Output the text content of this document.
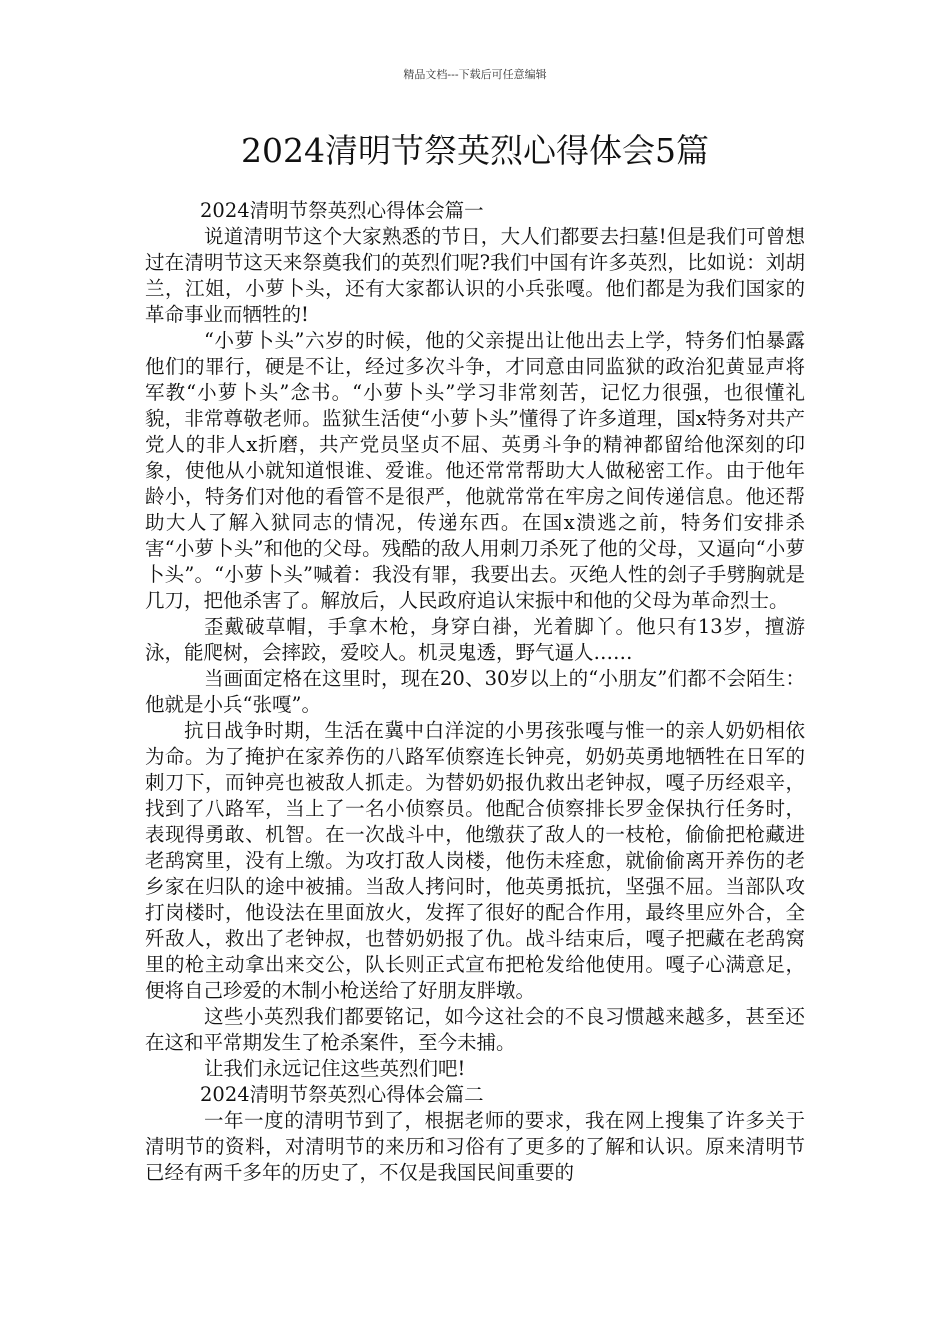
精品文档---下载后可任意编辑
2024清明节祭英烈心得体会5篇
2024清明节祭英烈心得体会篇一

说道清明节这个大家熟悉的节日，大人们都要去扫墓!但是我们可曾想过在清明节这天来祭奠我们的英烈们呢?我们中国有许多英烈，比如说：刘胡兰，江姐，小萝卜头，还有大家都认识的小兵张嘎。他们都是为我们国家的革命事业而牺牲的!

“小萝卜头”六岁的时候，他的父亲提出让他出去上学，特务们怕暴露他们的罪行，硬是不让，经过多次斗争，才同意由同监狱的政治犯黄显声将军教“小萝卜头”念书。“小萝卜头”学习非常刻苦，记忆力很强，也很懂礼貌，非常尊敬老师。监狱生活使“小萝卜头”懂得了许多道理，国x特务对共产党人的非人x折磨，共产党员坚贞不屈、英勇斗争的精神都留给他深刻的印象，使他从小就知道恨谁、爱谁。他还常常帮助大人做秘密工作。由于他年龄小，特务们对他的看管不是很严，他就常常在牢房之间传递信息。他还帮助大人了解入狱同志的情况，传递东西。在国x溃逃之前，特务们安排杀害“小萝卜头”和他的父母。残酷的敌人用刺刀杀死了他的父母，又逼向“小萝卜头”。“小萝卜头”喊着：我没有罪，我要出去。灭绝人性的刽子手劈胸就是几刀，把他杀害了。解放后，人民政府追认宋振中和他的父母为革命烈士。

歪戴破草帽，手拿木枪，身穿白褂，光着脚丫。他只有13岁，擅游泳，能爬树，会摔跤，爱咬人。机灵鬼透，野气逼人……

当画面定格在这里时，现在20、30岁以上的“小朋友”们都不会陌生：他就是小兵“张嘎”。

抗日战争时期，生活在冀中白洋淀的小男孩张嘎与惟一的亲人奶奶相依为命。为了掩护在家养伤的八路军侦察连长钟亮，奶奶英勇地牺牲在日军的刺刀下，而钟亮也被敌人抓走。为替奶奶报仇救出老钟叔，嘎子历经艰辛，找到了八路军，当上了一名小侦察员。他配合侦察排长罗金保执行任务时，表现得勇敢、机智。在一次战斗中，他缴获了敌人的一枝枪，偷偷把枪藏进老鸹窝里，没有上缴。为攻打敌人岗楼，他伤未痊愈，就偷偷离开养伤的老乡家在归队的途中被捕。当敌人拷问时，他英勇抵抗，坚强不屈。当部队攻打岗楼时，他设法在里面放火，发挥了很好的配合作用，最终里应外合，全歼敌人，救出了老钟叔，也替奶奶报了仇。战斗结束后，嘎子把藏在老鸹窝里的枪主动拿出来交公，队长则正式宣布把枪发给他使用。嘎子心满意足，便将自己珍爱的木制小枪送给了好朋友胖墩。

这些小英烈我们都要铭记，如今这社会的不良习惯越来越多，甚至还在这和平常期发生了枪杀案件，至今未捕。

让我们永远记住这些英烈们吧!

2024清明节祭英烈心得体会篇二

一年一度的清明节到了，根据老师的要求，我在网上搜集了许多关于清明节的资料，对清明节的来历和习俗有了更多的了解和认识。原来清明节已经有两千多年的历史了，不仅是我国民间重要的
